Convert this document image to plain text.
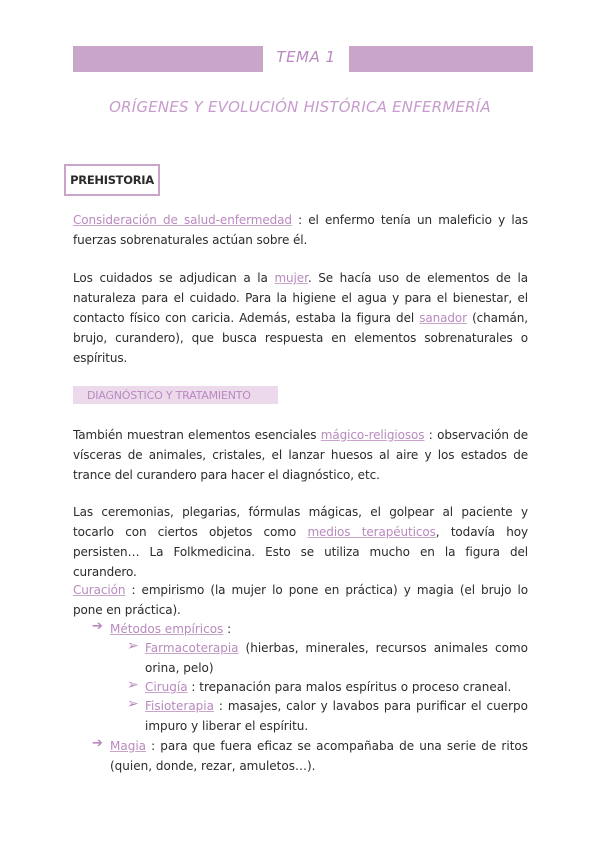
TEMA 1
ORÍGENES Y EVOLUCIÓN HISTÓRICA ENFERMERÍA
PREHISTORIA
Consideración de salud-enfermedad : el enfermo tenía un maleficio y las fuerzas sobrenaturales actúan sobre él.
Los cuidados se adjudican a la mujer. Se hacía uso de elementos de la naturaleza para el cuidado. Para la higiene el agua y para el bienestar, el contacto físico con caricia. Además, estaba la figura del sanador (chamán, brujo, curandero), que busca respuesta en elementos sobrenaturales o espíritus.
DIAGNÓSTICO Y TRATAMIENTO
También muestran elementos esenciales mágico-religiosos : observación de vísceras de animales, cristales, el lanzar huesos al aire y los estados de trance del curandero para hacer el diagnóstico, etc.
Las ceremonias, plegarias, fórmulas mágicas, el golpear al paciente y tocarlo con ciertos objetos como medios terapéuticos, todavía hoy persisten… La Folkmedicina. Esto se utiliza mucho en la figura del curandero.
Curación : empirismo (la mujer lo pone en práctica) y magia (el brujo lo pone en práctica).
➔ Métodos empíricos :
➢ Farmacoterapia (hierbas, minerales, recursos animales como orina, pelo)
➢ Cirugía : trepanación para malos espíritus o proceso craneal.
➢ Fisioterapia : masajes, calor y lavabos para purificar el cuerpo impuro y liberar el espíritu.
➔ Magia : para que fuera eficaz se acompañaba de una serie de ritos (quien, donde, rezar, amuletos…).
